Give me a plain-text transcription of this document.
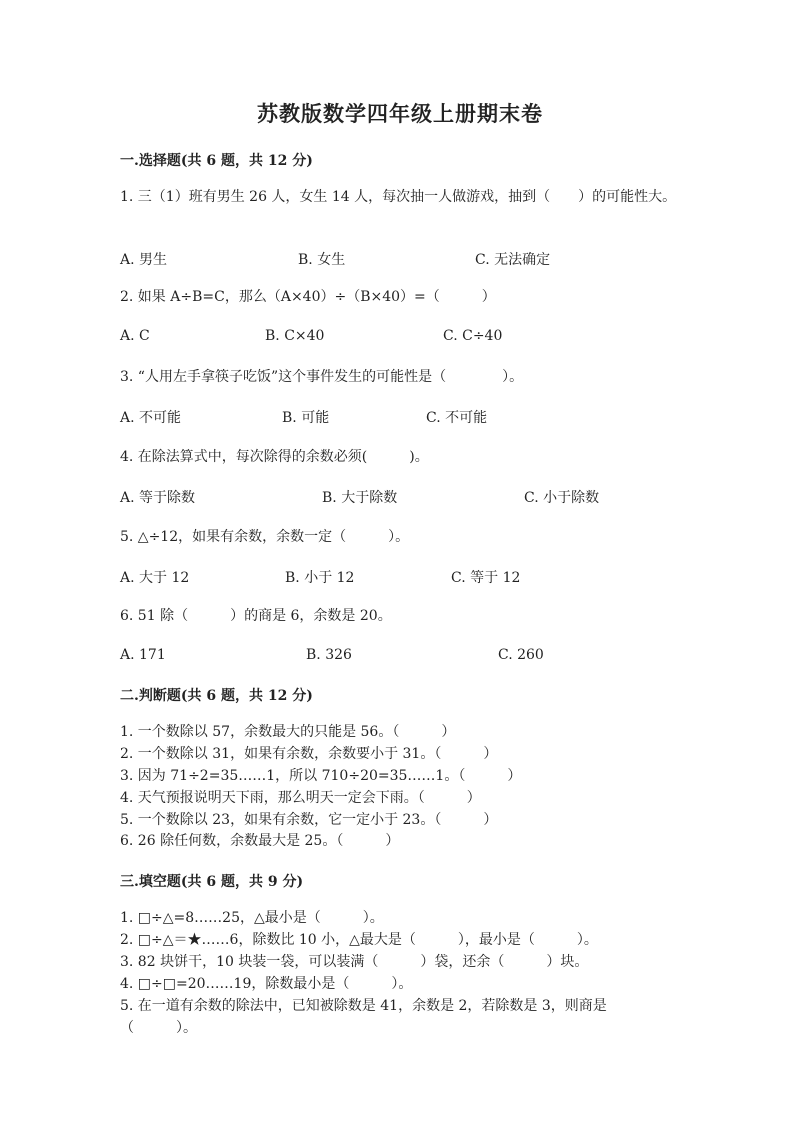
苏教版数学四年级上册期末卷
一.选择题(共 6 题，共 12 分)
1. 三（1）班有男生 26 人，女生 14 人，每次抽一人做游戏，抽到（　　）的可能性大。
A. 男生	B. 女生	C. 无法确定
2. 如果 A÷B=C，那么（A×40）÷（B×40）=（　　　）
A. C	B. C×40	C. C÷40
3. “人用左手拿筷子吃饭”这个事件发生的可能性是（　　　　）。
A. 不可能	B. 可能	C. 不可能
4. 在除法算式中，每次除得的余数必须(　　　)。
A. 等于除数	B. 大于除数	C. 小于除数
5. △÷12，如果有余数，余数一定（　　　）。
A. 大于 12	B. 小于 12	C. 等于 12
6. 51 除（　　　）的商是 6，余数是 20。
A. 171	B. 326	C. 260
二.判断题(共 6 题，共 12 分)
1. 一个数除以 57，余数最大的只能是 56。（　　　）
2. 一个数除以 31，如果有余数，余数要小于 31。（　　　）
3. 因为 71÷2=35……1，所以 710÷20=35……1。（　　　）
4. 天气预报说明天下雨，那么明天一定会下雨。（　　　）
5. 一个数除以 23，如果有余数，它一定小于 23。（　　　）
6. 26 除任何数，余数最大是 25。（　　　）
三.填空题(共 6 题，共 9 分)
1. □÷△=8……25，△最小是（　　　）。
2. □÷△＝★……6，除数比 10 小，△最大是（　　　），最小是（　　　）。
3. 82 块饼干，10 块装一袋，可以装满（　　　）袋，还余（　　　）块。
4. □÷□=20……19，除数最小是（　　　）。
5. 在一道有余数的除法中，已知被除数是 41，余数是 2，若除数是 3，则商是
（　　　）。
